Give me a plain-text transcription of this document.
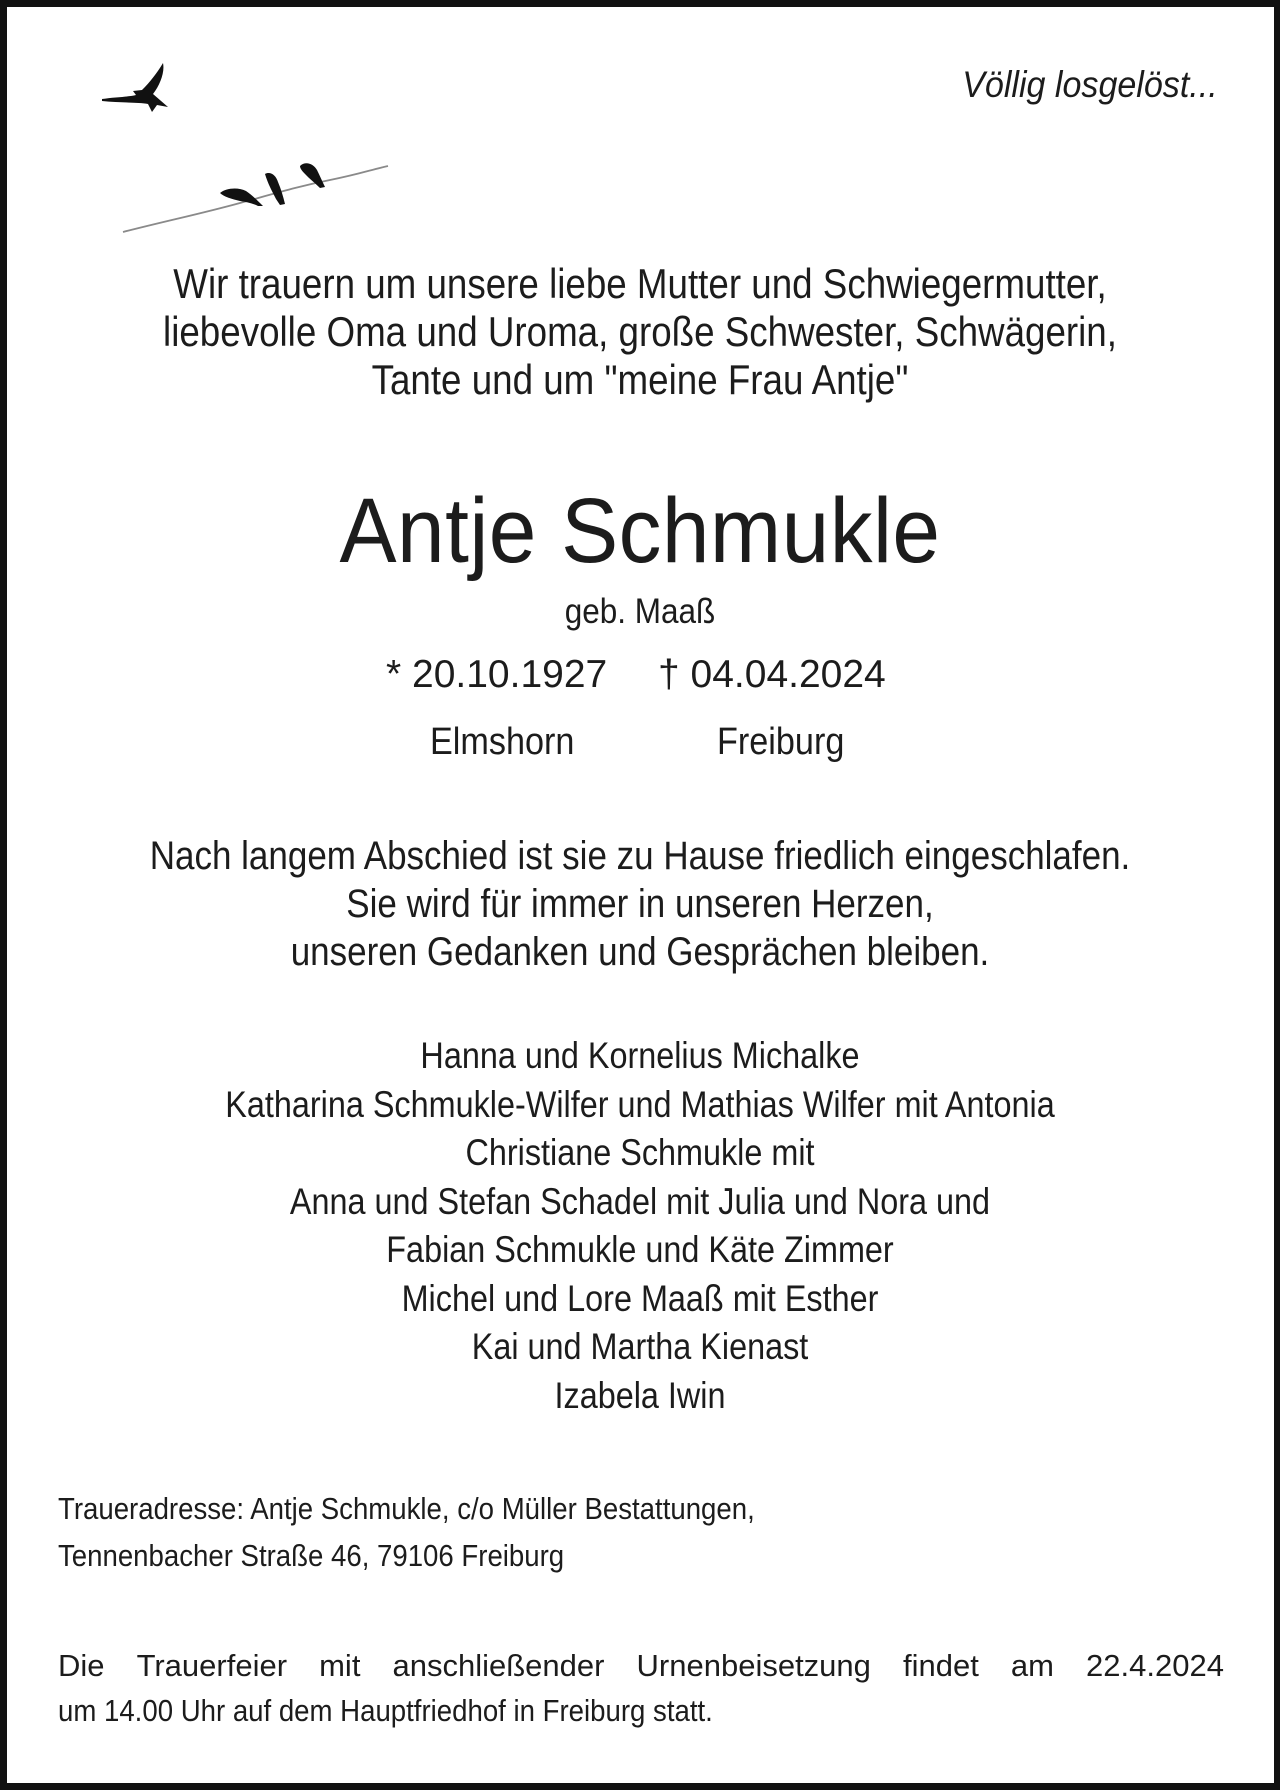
Völlig losgelöst...
Wir trauern um unsere liebe Mutter und Schwiegermutter,
liebevolle Oma und Uroma, große Schwester, Schwägerin,
Tante und um "meine Frau Antje"
Antje Schmukle
geb. Maaß
* 20.10.1927 † 04.04.2024
Elmshorn	Freiburg
Nach langem Abschied ist sie zu Hause friedlich eingeschlafen.
Sie wird für immer in unseren Herzen,
unseren Gedanken und Gesprächen bleiben.
Hanna und Kornelius Michalke
Katharina Schmukle-Wilfer und Mathias Wilfer mit Antonia
Christiane Schmukle mit
Anna und Stefan Schadel mit Julia und Nora und
Fabian Schmukle und Käte Zimmer
Michel und Lore Maaß mit Esther
Kai und Martha Kienast
Izabela Iwin
Traueradresse: Antje Schmukle, c/o Müller Bestattungen,
Tennenbacher Straße 46, 79106 Freiburg
Die Trauerfeier mit anschließender Urnenbeisetzung findet am 22.4.2024
um 14.00 Uhr auf dem Hauptfriedhof in Freiburg statt.
